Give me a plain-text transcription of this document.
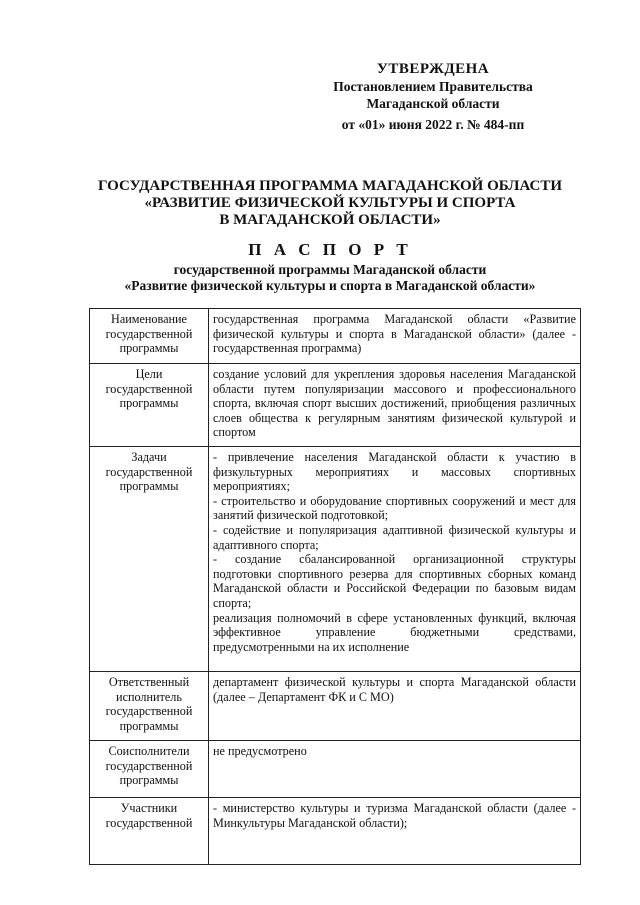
УТВЕРЖДЕНА
Постановлением Правительства
Магаданской области
от «01» июня 2022 г. № 484-пп
ГОСУДАРСТВЕННАЯ ПРОГРАММА МАГАДАНСКОЙ ОБЛАСТИ
«РАЗВИТИЕ ФИЗИЧЕСКОЙ КУЛЬТУРЫ И СПОРТА
В МАГАДАНСКОЙ ОБЛАСТИ»
П А С П О Р Т
государственной программы Магаданской области
«Развитие физической культуры и спорта в Магаданской области»
Наименование государственной программы	государственная программа Магаданской области «Развитие физической культуры и спорта в Магаданской области» (далее - государственная программа)
Цели государственной программы	создание условий для укрепления здоровья населения Магаданской области путем популяризации массового и профессионального спорта, включая спорт высших достижений, приобщения различных слоев общества к регулярным занятиям физической культурой и спортом
Задачи государственной программы	- привлечение населения Магаданской области к участию в физкультурных мероприятиях и массовых спортивных мероприятиях;
- строительство и оборудование спортивных сооружений и мест для занятий физической подготовкой;
- содействие и популяризация адаптивной физической культуры и адаптивного спорта;
- создание сбалансированной организационной структуры подготовки спортивного резерва для спортивных сборных команд Магаданской области и Российской Федерации по базовым видам спорта;
реализация полномочий в сфере установленных функций, включая эффективное управление бюджетными средствами, предусмотренными на их исполнение

Ответственный исполнитель государственной программы	департамент физической культуры и спорта Магаданской области (далее – Департамент ФК и С МО)
Соисполнители государственной программы	не предусмотрено
Участники государственной	- министерство культуры и туризма Магаданской области (далее - Минкультуры Магаданской области);
